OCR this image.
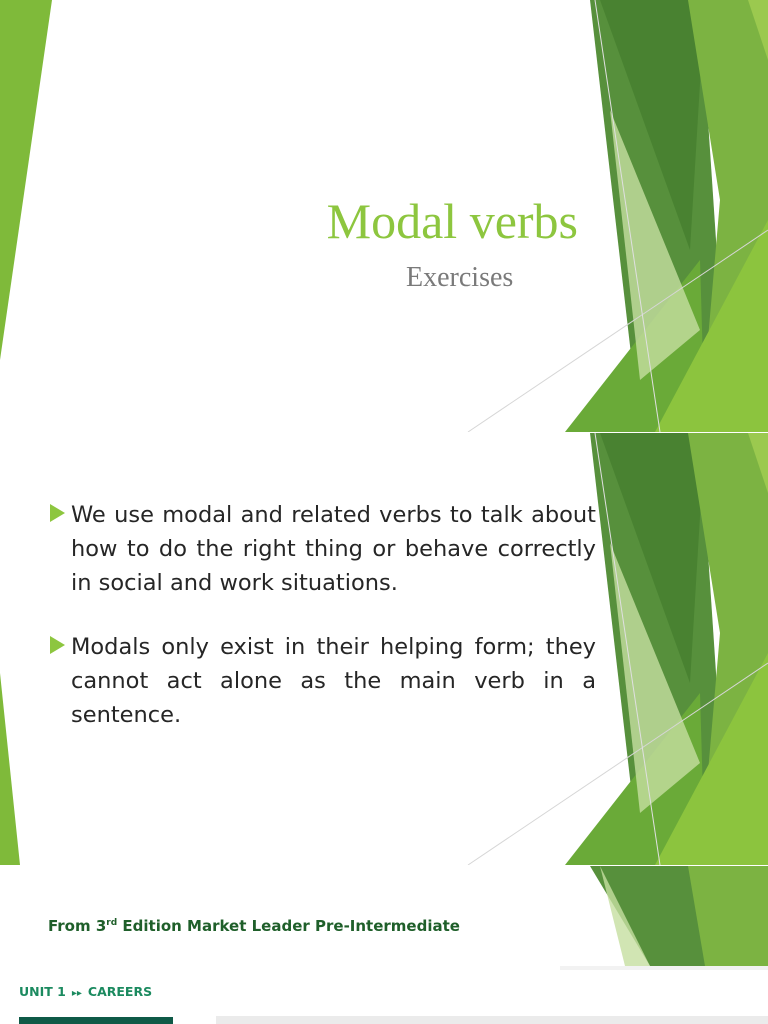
Modal verbs
Exercises
We use modal and related verbs to talk about how to do the right thing or behave correctly in social and work situations.
Modals only exist in their helping form; they cannot act alone as the main verb in a sentence.
From 3rd Edition Market Leader Pre-Intermediate
UNIT 1 ▸▸ CAREERS
